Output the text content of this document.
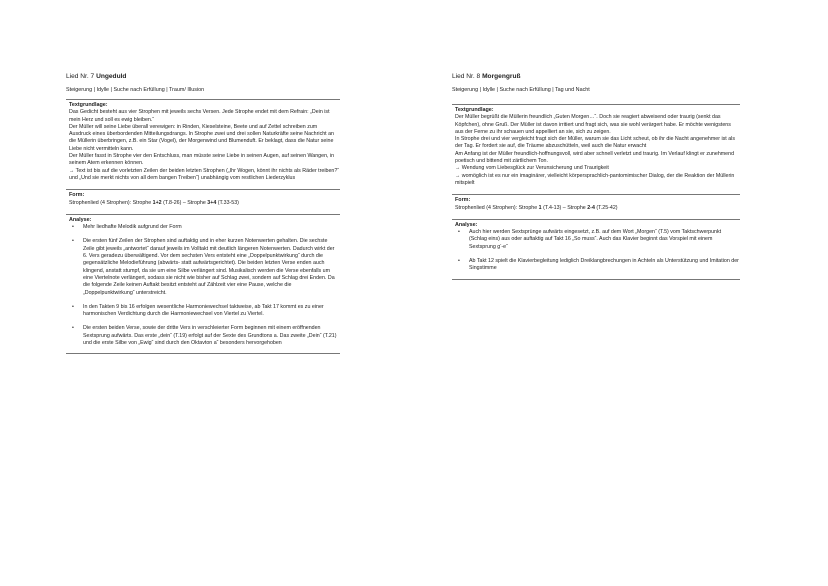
Lied Nr. 7 Ungeduld
Steigerung | Idylle | Suche nach Erfüllung | Traum/ Illusion
Textgrundlage:
Das Gedicht besteht aus vier Strophen mit jeweils sechs Versen. Jede Strophe endet mit dem Refrain: „Dein ist mein Herz und soll es ewig bleiben.“
Der Müller will seine Liebe überall verewigen: in Rinden, Kieselsteine, Beete und auf Zettel schreiben zum Ausdruck eines überbordenden Mitteilungsdrangs. In Strophe zwei und drei sollen Naturkräfte seine Nachricht an die Müllerin überbringen, z.B. ein Star (Vogel), der Morgenwind und Blumenduft. Er beklagt, dass die Natur seine Liebe nicht vermitteln kann.
Der Müller fasst in Strophe vier den Entschluss, man müsste seine Liebe in seinen Augen, auf seinen Wangen, in seinem Atem erkennen können.
→ Text ist bis auf die vorletzten Zeilen der beiden letzten Strophen („Ihr Wogen, könnt ihr nichts als Räder treiben?“ und „Und sie merkt nichts von all dem bangen Treiben“) unabhängig vom restlichen Liederzyklus
Form:
Strophenlied (4 Strophen): Strophe 1+2 (T.8-26) – Strophe 3+4 (T.33-53)
Analyse:
• Mehr liedhafte Melodik aufgrund der Form
• Die ersten fünf Zeilen der Strophen sind auftaktig und in eher kurzen Notenwerten gehalten. Die sechste Zeile gibt jeweils „antwortet“ darauf jeweils im Volltakt mit deutlich längeren Notenwerten. Dadurch wirkt der 6. Vers geradezu überwältigend. Vor dem sechsten Vers entsteht eine „Doppelpunktwirkung“ durch die gegensätzliche Melodieführung (abwärts- statt aufwärtsgerichtet). Die beiden letzten Verse enden auch klingend, anstatt stumpf, da sie um eine Silbe verlängert sind. Musikalisch werden die Verse ebenfalls um eine Viertelnote verlängert, sodass sie nicht wie bisher auf Schlag zwei, sondern auf Schlag drei Enden. Da die folgende Zeile keinen Auftakt besitzt entsteht auf Zählzeit vier eine Pause, welche die „Doppelpunktwirkung“ unterstreicht.
• In den Takten 9 bis 16 erfolgen wesentliche Harmoniewechsel taktweise, ab Takt 17 kommt es zu einer harmonischen Verdichtung durch die Harmoniewechsel von Viertel zu Viertel.
• Die ersten beiden Verse, sowie der dritte Vers in verschleierter Form beginnen mit einem eröffnenden Sextsprung aufwärts. Das erste „dein“ (T.19) erfolgt auf der Sexte des Grundtons a. Das zweite „Dein“ (T.21) und die erste Silbe von „Ewig“ sind durch den Oktavton a“ besonders hervorgehoben
Lied Nr. 8 Morgengruß
Steigerung | Idylle | Suche nach Erfüllung | Tag und Nacht
Textgrundlage:
Der Müller begrüßt die Müllerin freundlich „Guten Morgen…“. Doch sie reagiert abweisend oder traurig (senkt das Köpfchen), ohne Gruß. Der Müller ist davon irritiert und fragt sich, was sie wohl verärgert habe. Er möchte wenigstens aus der Ferne zu ihr schauen und appelliert an sie, sich zu zeigen.
In Strophe drei und vier vergleicht fragt sich der Müller, warum sie das Licht scheut, ob ihr die Nacht angenehmer ist als der Tag. Er fordert sie auf, die Träume abzuschütteln, weil auch die Natur erwacht
Am Anfang ist der Müller freundlich-hoffnungsvoll, wird aber schnell verletzt und traurig. Im Verlauf klingt er zunehmend poetisch und bittend mit zärtlichem Ton.
→ Wendung vom Liebesglück zur Verunsicherung und Traurigkeit
→ womöglich ist es nur ein imaginärer, vielleicht körpersprachlich-pantomimischer Dialog, der die Reaktion der Müllerin mitspielt
Form:
Strophenlied (4 Strophen): Strophe 1 (T.4-13) – Strophe 2-4 (T.25-42)
Analyse:
• Auch hier werden Sextsprünge aufwärts eingesetzt, z.B. auf dem Wort „Morgen“ (T.5) vom Taktschwerpunkt (Schlag eins) aus oder auftaktig auf Takt 16 „So muss“. Auch das Klavier beginnt das Vorspiel mit einem Sextsprung g‘-e“
• Ab Takt 12 spielt die Klavierbegleitung lediglich Dreiklangbrechungen in Achteln als Unterstützung und Imitation der Singstimme
